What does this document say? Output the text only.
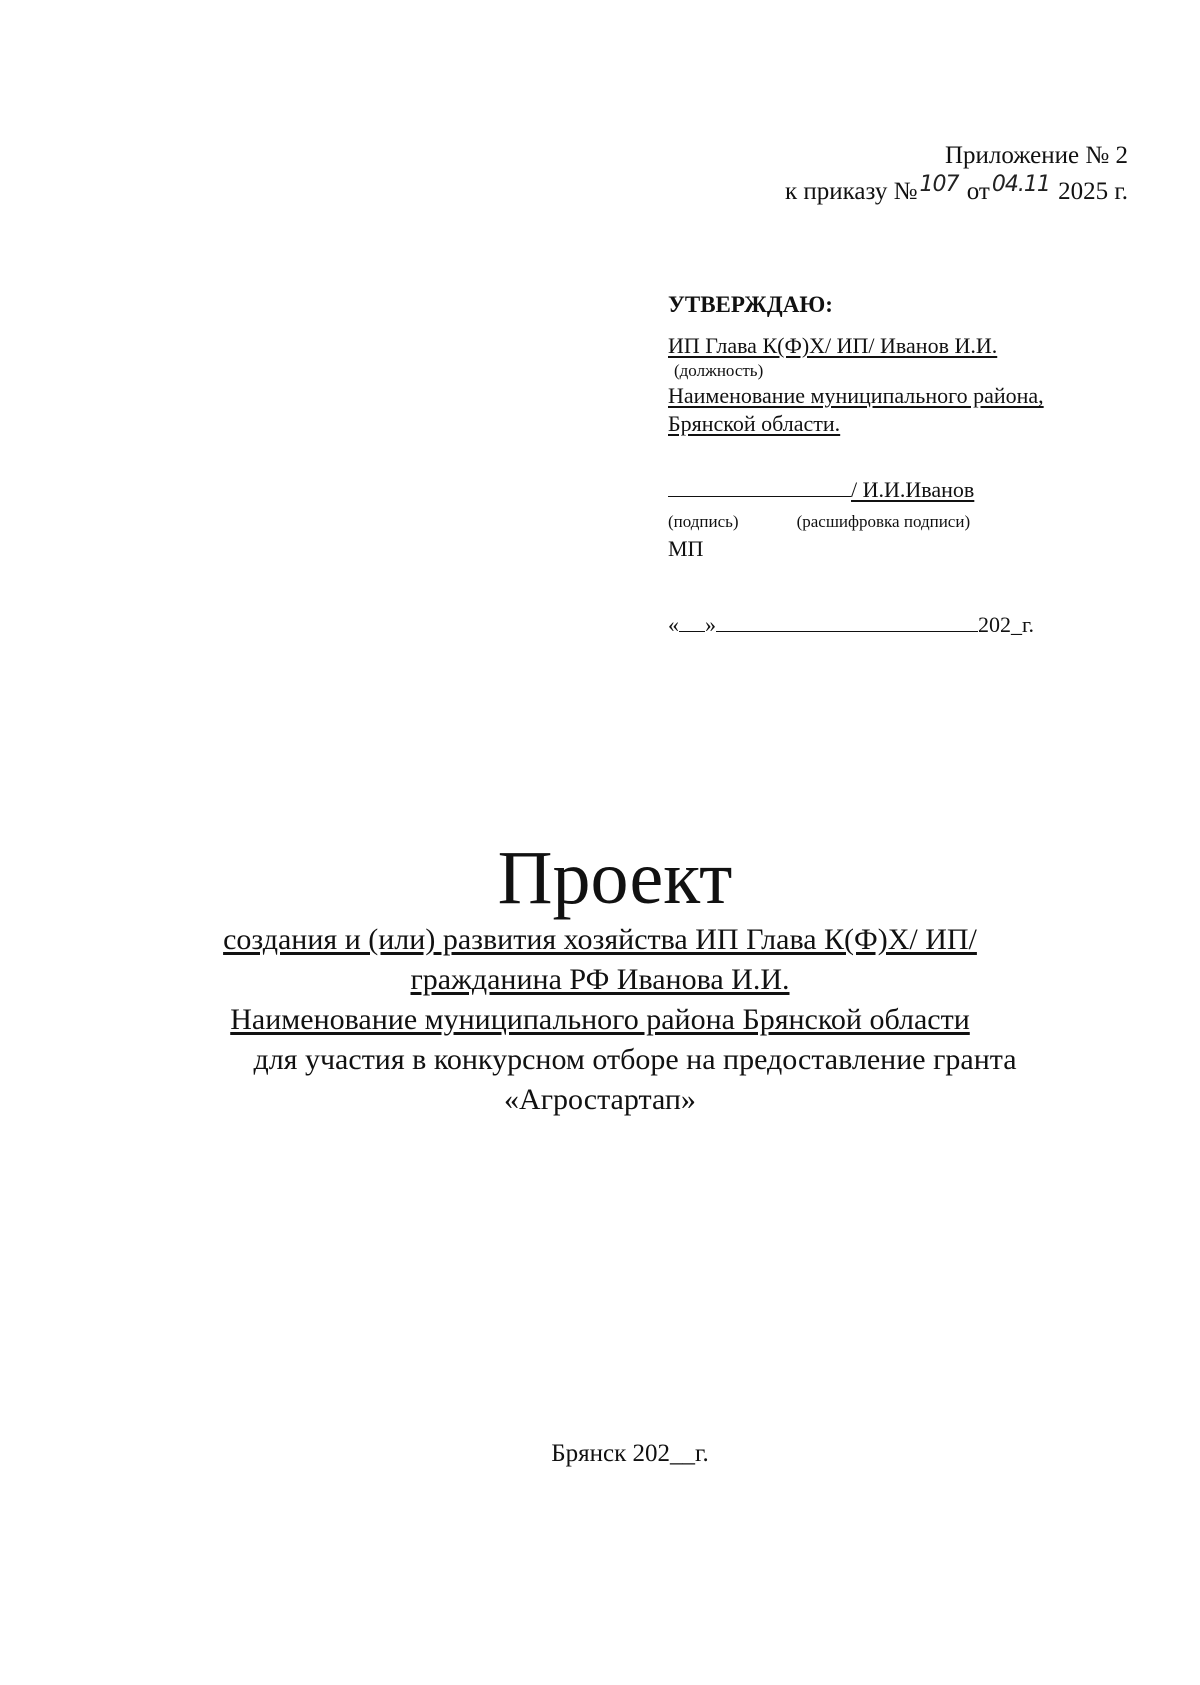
Приложение № 2
к приказу №107 от04.11 2025 г.
УТВЕРЖДАЮ:
ИП Глава К(Ф)Х/ ИП/ Иванов И.И.
(должность)
Наименование муниципального района,
Брянской области.
/ И.И.Иванов
(подпись)	(расшифровка подписи)
МП
« »	202_г.
Проект
создания и (или) развития хозяйства ИП Глава К(Ф)Х/ ИП/
гражданина РФ Иванова И.И.
Наименование муниципального района Брянской области
для участия в конкурсном отборе на предоставление гранта
«Агростартап»
Брянск 202__г.
